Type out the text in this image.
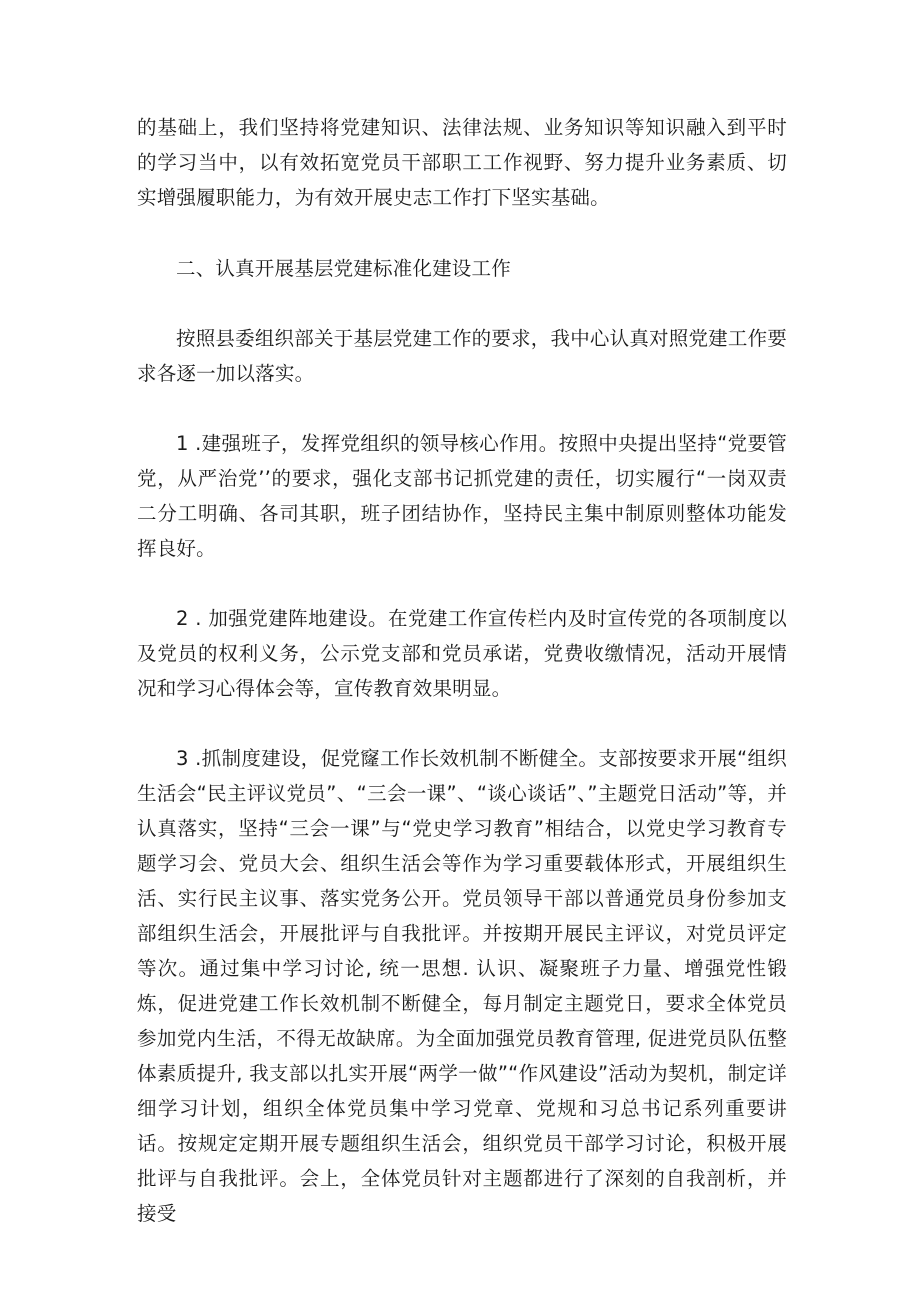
的基础上，我们坚持将党建知识、法律法规、业务知识等知识融入到平时的学习当中，以有效拓宽党员干部职工工作视野、努力提升业务素质、切实增强履职能力，为有效开展史志工作打下坚实基础。

二、认真开展基层党建标准化建设工作

按照县委组织部关于基层党建工作的要求，我中心认真对照党建工作要求各逐一加以落实。

1 .建强班子，发挥党组织的领导核心作用。按照中央提出坚持“党要管党，从严治党’’的要求，强化支部书记抓党建的责任，切实履行“一岗双责二分工明确、各司其职，班子团结协作，坚持民主集中制原则整体功能发挥良好。

2 . 加强党建阵地建设。在党建工作宣传栏内及时宣传党的各项制度以及党员的权利义务，公示党支部和党员承诺，党费收缴情况，活动开展情况和学习心得体会等，宣传教育效果明显。

3 .抓制度建设，促党窿工作长效机制不断健全。支部按要求开展“组织生活会“民主评议党员”、“三会一课”、“谈心谈话”、”主题党日活动”等，并认真落实，坚持“三会一课”与“党史学习教育”相结合，以党史学习教育专题学习会、党员大会、组织生活会等作为学习重要载体形式，开展组织生活、实行民主议事、落实党务公开。党员领导干部以普通党员身份参加支部组织生活会，开展批评与自我批评。并按期开展民主评议，对党员评定等次。通过集中学习讨论, 统一思想. 认识、凝聚班子力量、增强党性锻炼，促进党建工作长效机制不断健全，每月制定主题党日，要求全体党员参加党内生活，不得无故缺席。为全面加强党员教育管理, 促进党员队伍整体素质提升, 我支部以扎实开展“两学一做”“作风建设”活动为契机，制定详细学习计划，组织全体党员集中学习党章、党规和习总书记系列重要讲话。按规定定期开展专题组织生活会，组织党员干部学习讨论，积极开展批评与自我批评。会上，全体党员针对主题都进行了深刻的自我剖析，并接受
